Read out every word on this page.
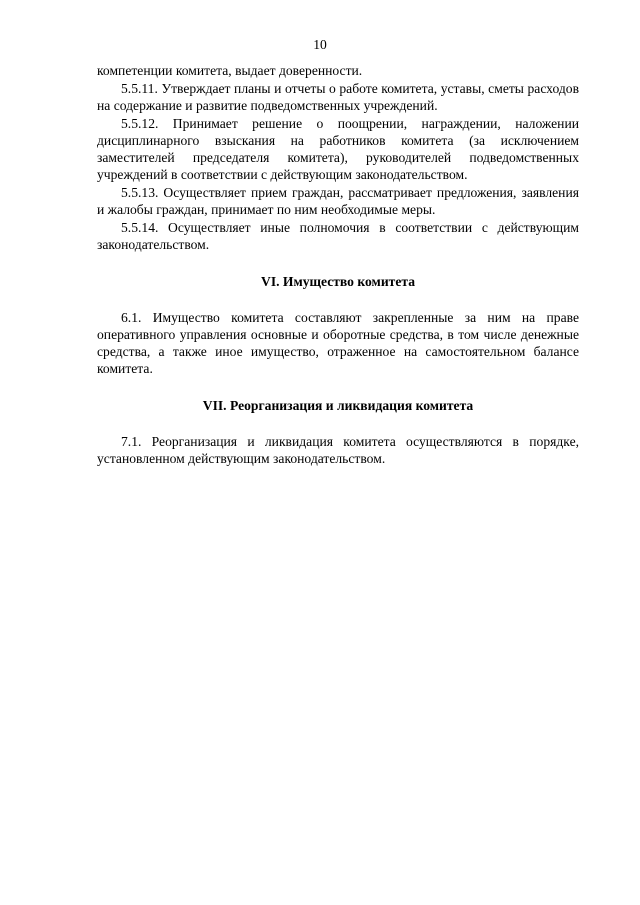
10

компетенции комитета, выдает доверенности.

5.5.11. Утверждает планы и отчеты о работе комитета, уставы, сметы расходов на содержание и развитие подведомственных учреждений.

5.5.12. Принимает решение о поощрении, награждении, наложении дисциплинарного взыскания на работников комитета (за исключением заместителей председателя комитета), руководителей подведомственных учреждений в соответствии с действующим законодательством.

5.5.13. Осуществляет прием граждан, рассматривает предложения, заявления и жалобы граждан, принимает по ним необходимые меры.

5.5.14. Осуществляет иные полномочия в соответствии с действующим законодательством.

VI. Имущество комитета

6.1. Имущество комитета составляют закрепленные за ним на праве оперативного управления основные и оборотные средства, в том числе денежные средства, а также иное имущество, отраженное на самостоятельном балансе комитета.

VII. Реорганизация и ликвидация комитета

7.1. Реорганизация и ликвидация комитета осуществляются в порядке, установленном действующим законодательством.
